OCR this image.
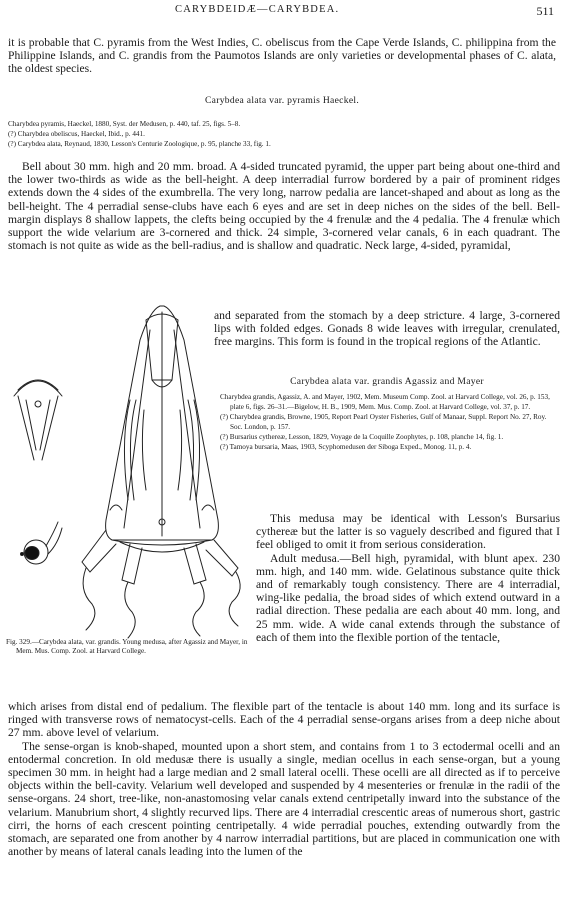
CARYBDEIDÆ—CARYBDEA.	511

it is probable that C. pyramis from the West Indies, C. obeliscus from the Cape Verde Islands, C. philippina from the Philippine Islands, and C. grandis from the Paumotos Islands are only varieties or developmental phases of C. alata, the oldest species.

Carybdea alata var. pyramis Haeckel.

Charybdea pyramis, Haeckel, 1880, Syst. der Medusen, p. 440, taf. 25, figs. 5–8.

(?) Charybdea obeliscus, Haeckel, Ibid., p. 441.

(?) Carybdea alata, Reynaud, 1830, Lesson's Centurie Zoologique, p. 95, planche 33, fig. 1.

Bell about 30 mm. high and 20 mm. broad. A 4-sided truncated pyramid, the upper part being about one-third and the lower two-thirds as wide as the bell-height. A deep interradial furrow bordered by a pair of prominent ridges extends down the 4 sides of the exumbrella. The very long, narrow pedalia are lancet-shaped and about as long as the bell-height. The 4 perradial sense-clubs have each 6 eyes and are set in deep niches on the sides of the bell. Bell-margin displays 8 shallow lappets, the clefts being occupied by the 4 frenulæ and the 4 pedalia. The 4 frenulæ which support the wide velarium are 3-cornered and thick. 24 simple, 3-cornered velar canals, 6 in each quadrant. The stomach is not quite as wide as the bell-radius, and is shallow and quadratic. Neck large, 4-sided, pyramidal,

and separated from the stomach by a deep stricture. 4 large, 3-cornered lips with folded edges. Gonads 8 wide leaves with irregular, crenulated, free margins. This form is found in the tropical regions of the Atlantic.

Carybdea alata var. grandis Agassiz and Mayer

Charybdea grandis, Agassiz, A. and Mayer, 1902, Mem. Museum Comp. Zool. at Harvard College, vol. 26, p. 153, plate 6, figs. 26–31.—Bigelow, H. B., 1909, Mem. Mus. Comp. Zool. at Harvard College, vol. 37, p. 17.

(?) Charybdea grandis, Browne, 1905, Report Pearl Oyster Fisheries, Gulf of Manaar, Suppl. Report No. 27, Roy. Soc. London, p. 157.

(?) Bursarius cythereæ, Lesson, 1829, Voyage de la Coquille Zoophytes, p. 108, planche 14, fig. 1.

(?) Tamoya bursaria, Maas, 1903, Scyphomedusen der Siboga Exped., Monog. 11, p. 4.

This medusa may be identical with Lesson's Bursarius cythereæ but the latter is so vaguely described and figured that I feel obliged to omit it from serious consideration.

Adult medusa.—Bell high, pyramidal, with blunt apex. 230 mm. high, and 140 mm. wide. Gelatinous substance quite thick and of remarkably tough consistency. There are 4 interradial, wing-like pedalia, the broad sides of which extend outward in a radial direction. These pedalia are each about 40 mm. long, and 25 mm. wide. A wide canal extends through the substance of each of them into the flexible portion of the tentacle,

Fig. 329.—Carybdea alata, var. grandis. Young medusa, after Agassiz and Mayer, in Mem. Mus. Comp. Zool. at Harvard College.

which arises from distal end of pedalium. The flexible part of the tentacle is about 140 mm. long and its surface is ringed with transverse rows of nematocyst-cells. Each of the 4 perradial sense-organs arises from a deep niche about 27 mm. above level of velarium.

The sense-organ is knob-shaped, mounted upon a short stem, and contains from 1 to 3 ectodermal ocelli and an entodermal concretion. In old medusæ there is usually a single, median ocellus in each sense-organ, but a young specimen 30 mm. in height had a large median and 2 small lateral ocelli. These ocelli are all directed as if to perceive objects within the bell-cavity. Velarium well developed and suspended by 4 mesenteries or frenulæ in the radii of the sense-organs. 24 short, tree-like, non-anastomosing velar canals extend centripetally inward into the substance of the velarium. Manubrium short, 4 slightly recurved lips. There are 4 interradial crescentic areas of numerous short, gastric cirri, the horns of each crescent pointing centripetally. 4 wide perradial pouches, extending outwardly from the stomach, are separated one from another by 4 narrow interradial partitions, but are placed in communication one with another by means of lateral canals leading into the lumen of the
